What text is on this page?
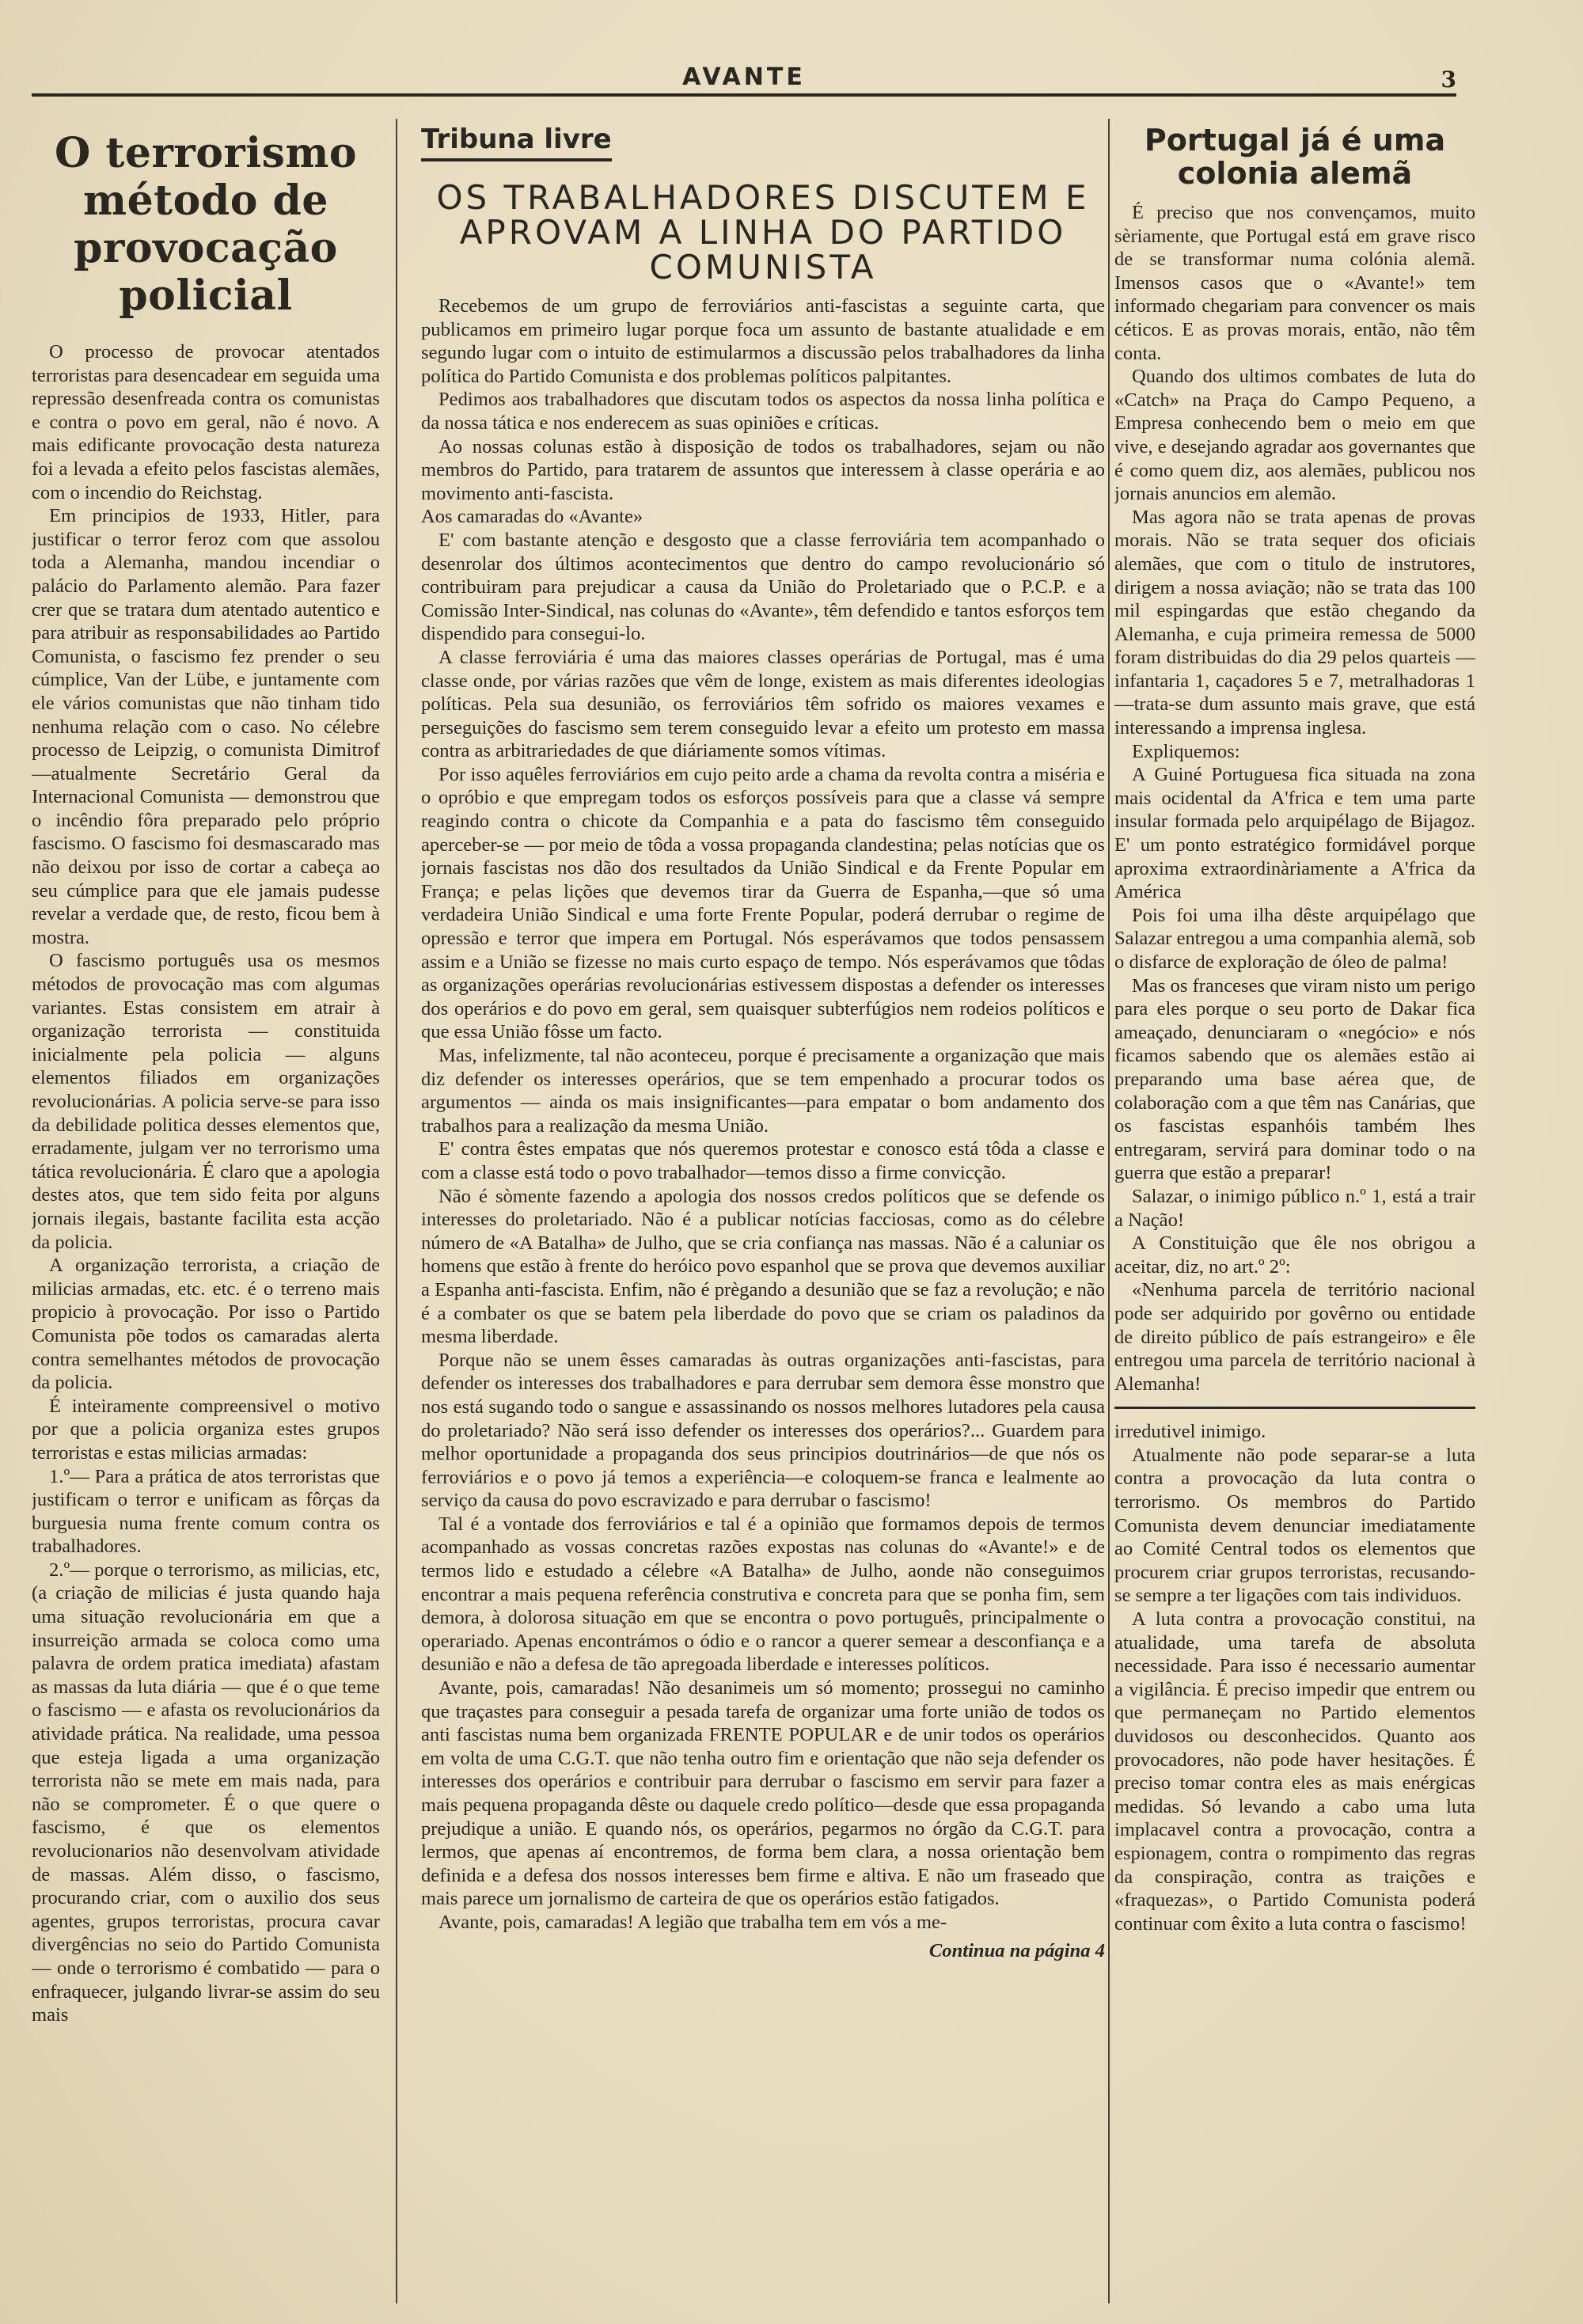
AVANTE	3
O terrorismo método de provocação policial

O processo de provocar atentados terroristas para desencadear em seguida uma repressão desenfreada contra os comunistas e contra o povo em geral, não é novo. A mais edificante provocação desta natureza foi a levada a efeito pelos fascistas alemães, com o incendio do Reichstag.

Em principios de 1933, Hitler, para justificar o terror feroz com que assolou toda a Alemanha, mandou incendiar o palácio do Parlamento alemão. Para fazer crer que se tratara dum atentado autentico e para atribuir as responsabilidades ao Partido Comunista, o fascismo fez prender o seu cúmplice, Van der Lübe, e juntamente com ele vários comunistas que não tinham tido nenhuma relação com o caso. No célebre processo de Leipzig, o comunista Dimitrof —atualmente Secretário Geral da Internacional Comunista — demonstrou que o incêndio fôra preparado pelo próprio fascismo. O fascismo foi desmascarado mas não deixou por isso de cortar a cabeça ao seu cúmplice para que ele jamais pudesse revelar a verdade que, de resto, ficou bem à mostra.

O fascismo português usa os mesmos métodos de provocação mas com algumas variantes. Estas consistem em atrair à organização terrorista — constituida inicialmente pela policia — alguns elementos filiados em organizações revolucionárias. A policia serve-se para isso da debilidade politica desses elementos que, erradamente, julgam ver no terrorismo uma tática revolucionária. É claro que a apologia destes atos, que tem sido feita por alguns jornais ilegais, bastante facilita esta acção da policia.

A organização terrorista, a criação de milicias armadas, etc. etc. é o terreno mais propicio à provocação. Por isso o Partido Comunista põe todos os camaradas alerta contra semelhantes métodos de provocação da policia.

É inteiramente compreensivel o motivo por que a policia organiza estes grupos terroristas e estas milicias armadas:

1.º— Para a prática de atos terroristas que justificam o terror e unificam as fôrças da burguesia numa frente comum contra os trabalhadores.

2.º— porque o terrorismo, as milicias, etc, (a criação de milicias é justa quando haja uma situação revolucionária em que a insurreição armada se coloca como uma palavra de ordem pratica imediata) afastam as massas da luta diária — que é o que teme o fascismo — e afasta os revolucionários da atividade prática. Na realidade, uma pessoa que esteja ligada a uma organização terrorista não se mete em mais nada, para não se comprometer. É o que quere o fascismo, é que os elementos revolucionarios não desenvolvam atividade de massas. Além disso, o fascismo, procurando criar, com o auxilio dos seus agentes, grupos terroristas, procura cavar divergências no seio do Partido Comunista — onde o terrorismo é combatido — para o enfraquecer, julgando livrar-se assim do seu mais

Tribuna livre
OS TRABALHADORES DISCUTEM E APROVAM A LINHA DO PARTIDO COMUNISTA

Recebemos de um grupo de ferroviários anti-fascistas a seguinte carta, que publicamos em primeiro lugar porque foca um assunto de bastante atualidade e em segundo lugar com o intuito de estimularmos a discussão pelos trabalhadores da linha política do Partido Comunista e dos problemas políticos palpitantes.

Pedimos aos trabalhadores que discutam todos os aspectos da nossa linha política e da nossa tática e nos enderecem as suas opiniões e críticas.

Ao nossas colunas estão à disposição de todos os trabalhadores, sejam ou não membros do Partido, para tratarem de assuntos que interessem à classe operária e ao movimento anti-fascista.

Aos camaradas do «Avante»

E' com bastante atenção e desgosto que a classe ferroviária tem acompanhado o desenrolar dos últimos acontecimentos que dentro do campo revolucionário só contribuiram para prejudicar a causa da União do Proletariado que o P.C.P. e a Comissão Inter-Sindical, nas colunas do «Avante», têm defendido e tantos esforços tem dispendido para consegui-lo.

A classe ferroviária é uma das maiores classes operárias de Portugal, mas é uma classe onde, por várias razões que vêm de longe, existem as mais diferentes ideologias políticas. Pela sua desunião, os ferroviários têm sofrido os maiores vexames e perseguições do fascismo sem terem conseguido levar a efeito um protesto em massa contra as arbitrariedades de que diáriamente somos vítimas.

Por isso aquêles ferroviários em cujo peito arde a chama da revolta contra a miséria e o opróbio e que empregam todos os esforços possíveis para que a classe vá sempre reagindo contra o chicote da Companhia e a pata do fascismo têm conseguido aperceber-se — por meio de tôda a vossa propaganda clandestina; pelas notícias que os jornais fascistas nos dão dos resultados da União Sindical e da Frente Popular em França; e pelas lições que devemos tirar da Guerra de Espanha,—que só uma verdadeira União Sindical e uma forte Frente Popular, poderá derrubar o regime de opressão e terror que impera em Portugal. Nós esperávamos que todos pensassem assim e a União se fizesse no mais curto espaço de tempo. Nós esperávamos que tôdas as organizações operárias revolucionárias estivessem dispostas a defender os interesses dos operários e do povo em geral, sem quaisquer subterfúgios nem rodeios políticos e que essa União fôsse um facto.

Mas, infelizmente, tal não aconteceu, porque é precisamente a organização que mais diz defender os interesses operários, que se tem empenhado a procurar todos os argumentos — ainda os mais insignificantes—para empatar o bom andamento dos trabalhos para a realização da mesma União.

E' contra êstes empatas que nós queremos protestar e conosco está tôda a classe e com a classe está todo o povo trabalhador—temos disso a firme convicção.

Não é sòmente fazendo a apologia dos nossos credos políticos que se defende os interesses do proletariado. Não é a publicar notícias facciosas, como as do célebre número de «A Batalha» de Julho, que se cria confiança nas massas. Não é a caluniar os homens que estão à frente do heróico povo espanhol que se prova que devemos auxiliar a Espanha anti-fascista. Enfim, não é prègando a desunião que se faz a revolução; e não é a combater os que se batem pela liberdade do povo que se criam os paladinos da mesma liberdade.

Porque não se unem êsses camaradas às outras organizações anti-fascistas, para defender os interesses dos trabalhadores e para derrubar sem demora êsse monstro que nos está sugando todo o sangue e assassinando os nossos melhores lutadores pela causa do proletariado? Não será isso defender os interesses dos operários?... Guardem para melhor oportunidade a propaganda dos seus principios doutrinários—de que nós os ferroviários e o povo já temos a experiência—e coloquem-se franca e lealmente ao serviço da causa do povo escravizado e para derrubar o fascismo!

Tal é a vontade dos ferroviários e tal é a opinião que formamos depois de termos acompanhado as vossas concretas razões expostas nas colunas do «Avante!» e de termos lido e estudado a célebre «A Batalha» de Julho, aonde não conseguimos encontrar a mais pequena referência construtiva e concreta para que se ponha fim, sem demora, à dolorosa situação em que se encontra o povo português, principalmente o operariado. Apenas encontrámos o ódio e o rancor a querer semear a desconfiança e a desunião e não a defesa de tão apregoada liberdade e interesses políticos.

Avante, pois, camaradas! Não desanimeis um só momento; prossegui no caminho que traçastes para conseguir a pesada tarefa de organizar uma forte união de todos os anti fascistas numa bem organizada FRENTE POPULAR e de unir todos os operários em volta de uma C.G.T. que não tenha outro fim e orientação que não seja defender os interesses dos operários e contribuir para derrubar o fascismo em servir para fazer a mais pequena propaganda dêste ou daquele credo político—desde que essa propaganda prejudique a união. E quando nós, os operários, pegarmos no órgão da C.G.T. para lermos, que apenas aí encontremos, de forma bem clara, a nossa orientação bem definida e a defesa dos nossos interesses bem firme e altiva. E não um fraseado que mais parece um jornalismo de carteira de que os operários estão fatigados.

Avante, pois, camaradas! A legião que trabalha tem em vós a me-

Continua na página 4

Portugal já é uma colonia alemã

É preciso que nos convençamos, muito sèriamente, que Portugal está em grave risco de se transformar numa colónia alemã. Imensos casos que o «Avante!» tem informado chegariam para convencer os mais céticos. E as provas morais, então, não têm conta.

Quando dos ultimos combates de luta do «Catch» na Praça do Campo Pequeno, a Empresa conhecendo bem o meio em que vive, e desejando agradar aos governantes que é como quem diz, aos alemães, publicou nos jornais anuncios em alemão.

Mas agora não se trata apenas de provas morais. Não se trata sequer dos oficiais alemães, que com o titulo de instrutores, dirigem a nossa aviação; não se trata das 100 mil espingardas que estão chegando da Alemanha, e cuja primeira remessa de 5000 foram distribuidas do dia 29 pelos quarteis — infantaria 1, caçadores 5 e 7, metralhadoras 1 —trata-se dum assunto mais grave, que está interessando a imprensa inglesa.

Expliquemos:

A Guiné Portuguesa fica situada na zona mais ocidental da A'frica e tem uma parte insular formada pelo arquipélago de Bijagoz. E' um ponto estratégico formidável porque aproxima extraordinàriamente a A'frica da América

Pois foi uma ilha dêste arquipélago que Salazar entregou a uma companhia alemã, sob o disfarce de exploração de óleo de palma!

Mas os franceses que viram nisto um perigo para eles porque o seu porto de Dakar fica ameaçado, denunciaram o «negócio» e nós ficamos sabendo que os alemães estão ai preparando uma base aérea que, de colaboração com a que têm nas Canárias, que os fascistas espanhóis também lhes entregaram, servirá para dominar todo o na guerra que estão a preparar!

Salazar, o inimigo público n.º 1, está a trair a Nação!

A Constituição que êle nos obrigou a aceitar, diz, no art.º 2º:

«Nenhuma parcela de território nacional pode ser adquirido por govêrno ou entidade de direito público de país estrangeiro» e êle entregou uma parcela de território nacional à Alemanha!

irredutivel inimigo.

Atualmente não pode separar-se a luta contra a provocação da luta contra o terrorismo. Os membros do Partido Comunista devem denunciar imediatamente ao Comité Central todos os elementos que procurem criar grupos terroristas, recusando-se sempre a ter ligações com tais individuos.

A luta contra a provocação constitui, na atualidade, uma tarefa de absoluta necessidade. Para isso é necessario aumentar a vigilância. É preciso impedir que entrem ou que permaneçam no Partido elementos duvidosos ou desconhecidos. Quanto aos provocadores, não pode haver hesitações. É preciso tomar contra eles as mais enérgicas medidas. Só levando a cabo uma luta implacavel contra a provocação, contra a espionagem, contra o rompimento das regras da conspiração, contra as traições e «fraquezas», o Partido Comunista poderá continuar com êxito a luta contra o fascismo!
